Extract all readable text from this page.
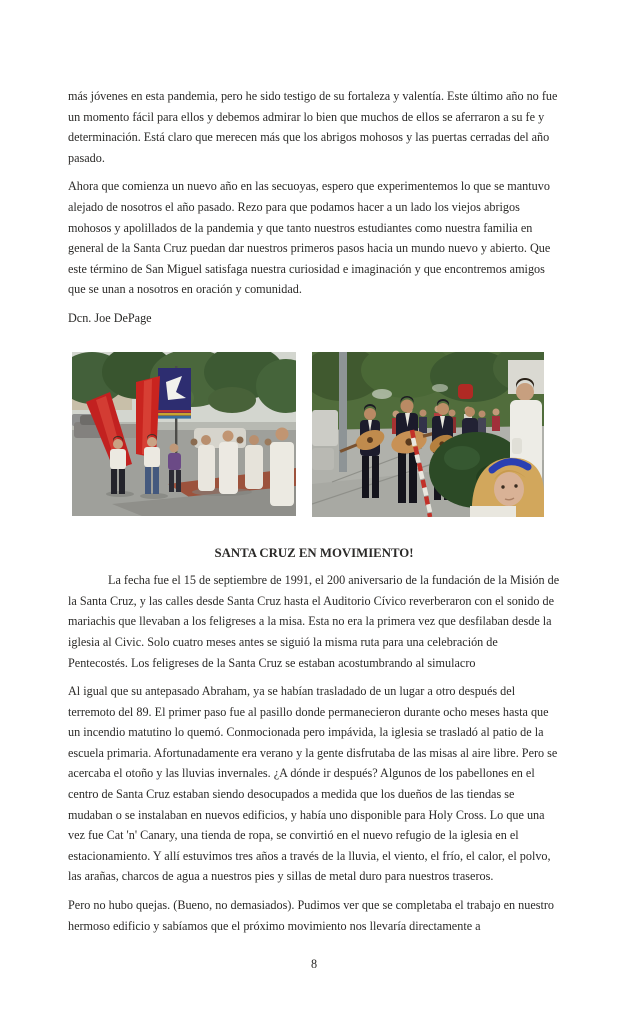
más jóvenes en esta pandemia, pero he sido testigo de su fortaleza y valentía. Este último año no fue un momento fácil para ellos y debemos admirar lo bien que muchos de ellos se aferraron a su fe y determinación. Está claro que merecen más que los abrigos mohosos y las puertas cerradas del año pasado.

Ahora que comienza un nuevo año en las secuoyas, espero que experimentemos lo que se mantuvo alejado de nosotros el año pasado. Rezo para que podamos hacer a un lado los viejos abrigos mohosos y apolillados de la pandemia y que tanto nuestros estudiantes como nuestra familia en general de la Santa Cruz puedan dar nuestros primeros pasos hacia un mundo nuevo y abierto. Que este término de San Miguel satisfaga nuestra curiosidad e imaginación y que encontremos amigos que se unan a nosotros en oración y comunidad.

Dcn. Joe DePage

SANTA CRUZ EN MOVIMIENTO!

La fecha fue el 15 de septiembre de 1991, el 200 aniversario de la fundación de la Misión de la Santa Cruz, y las calles desde Santa Cruz hasta el Auditorio Cívico reverberaron con el sonido de mariachis que llevaban a los feligreses a la misa. Esta no era la primera vez que desfilaban desde la iglesia al Civic. Solo cuatro meses antes se siguió la misma ruta para una celebración de Pentecostés. Los feligreses de la Santa Cruz se estaban acostumbrando al simulacro

Al igual que su antepasado Abraham, ya se habían trasladado de un lugar a otro después del terremoto del 89. El primer paso fue al pasillo donde permanecieron durante ocho meses hasta que un incendio matutino lo quemó. Conmocionada pero impávida, la iglesia se trasladó al patio de la escuela primaria. Afortunadamente era verano y la gente disfrutaba de las misas al aire libre. Pero se acercaba el otoño y las lluvias invernales. ¿A dónde ir después? Algunos de los pabellones en el centro de Santa Cruz estaban siendo desocupados a medida que los dueños de las tiendas se mudaban o se instalaban en nuevos edificios, y había uno disponible para Holy Cross. Lo que una vez fue Cat 'n' Canary, una tienda de ropa, se convirtió en el nuevo refugio de la iglesia en el estacionamiento. Y allí estuvimos tres años a través de la lluvia, el viento, el frío, el calor, el polvo, las arañas, charcos de agua a nuestros pies y sillas de metal duro para nuestros traseros.

Pero no hubo quejas. (Bueno, no demasiados). Pudimos ver que se completaba el trabajo en nuestro hermoso edificio y sabíamos que el próximo movimiento nos llevaría directamente a

8
